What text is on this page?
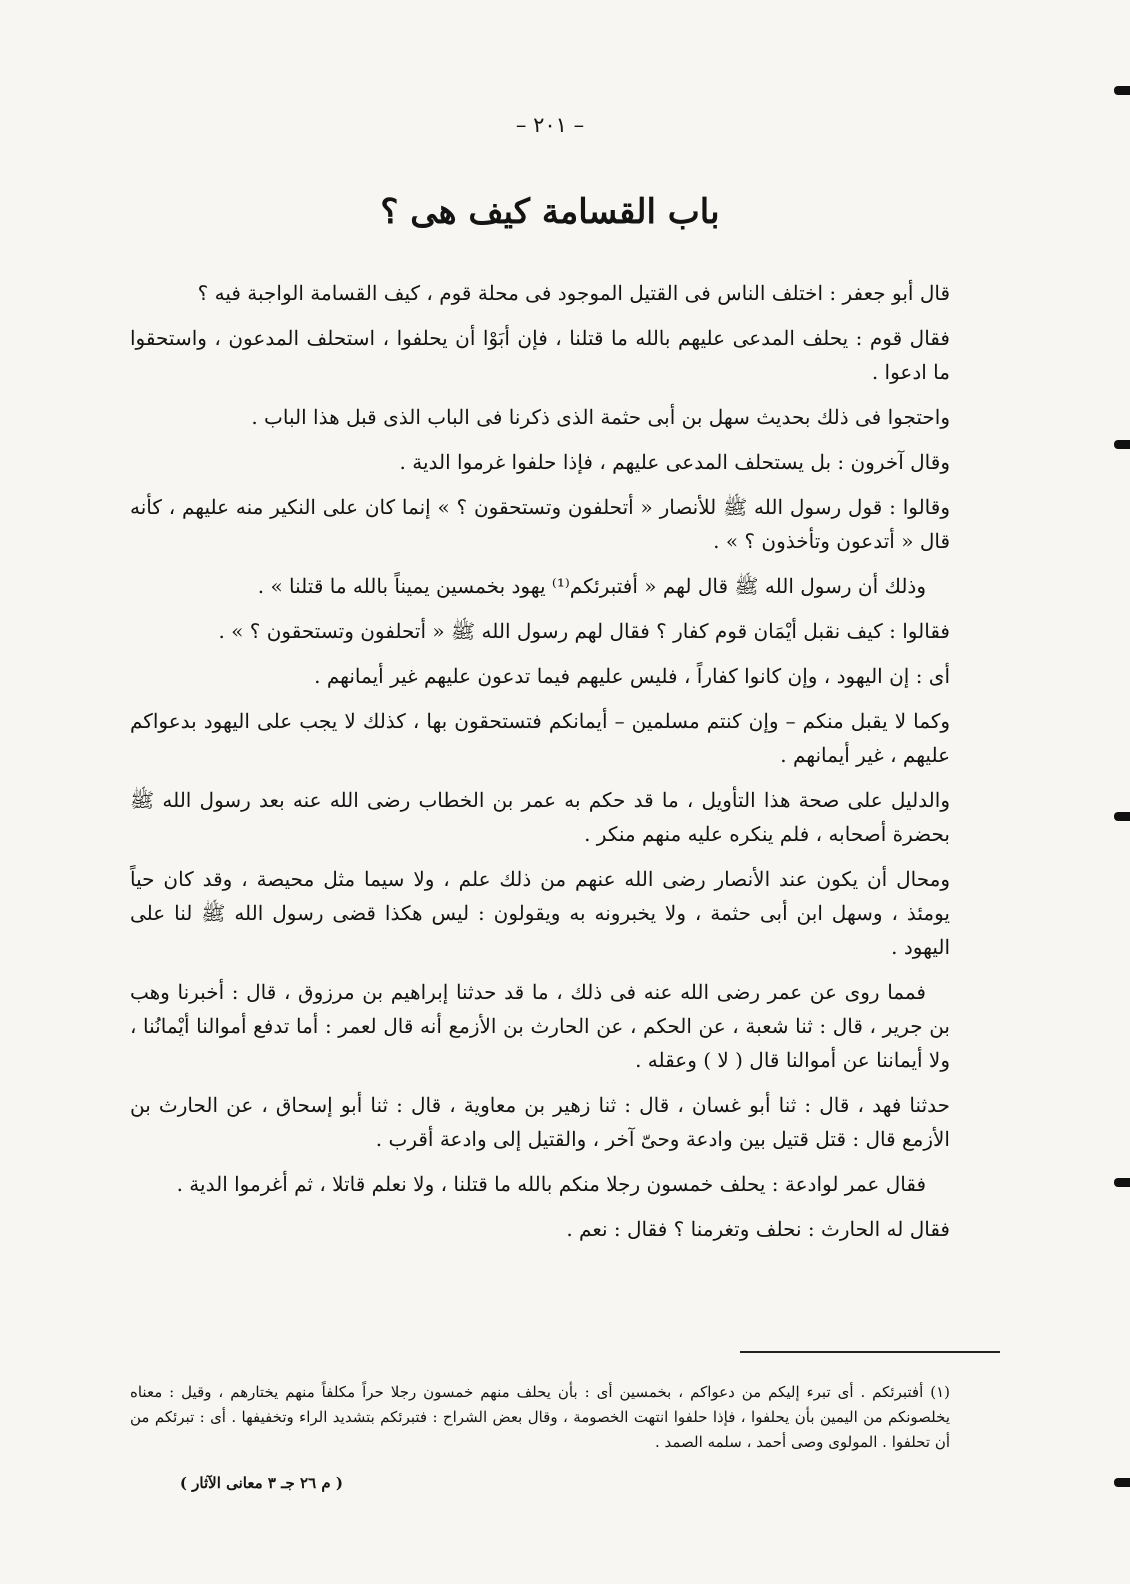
– ٢٠١ –
باب القسامة كيف هى ؟

قال أبو جعفر : اختلف الناس فى القتيل الموجود فى محلة قوم ، كيف القسامة الواجبة فيه ؟

فقال قوم : يحلف المدعى عليهم بالله ما قتلنا ، فإن أبَوْا أن يحلفوا ، استحلف المدعون ، واستحقوا ما ادعوا .

واحتجوا فى ذلك بحديث سهل بن أبى حثمة الذى ذكرنا فى الباب الذى قبل هذا الباب .

وقال آخرون : بل يستحلف المدعى عليهم ، فإذا حلفوا غرموا الدية .

وقالوا : قول رسول الله ﷺ للأنصار « أتحلفون وتستحقون ؟ » إنما كان على النكير منه عليهم ، كأنه قال « أتدعون وتأخذون ؟ » .

وذلك أن رسول الله ﷺ قال لهم « أفتبرئكم⁽¹⁾ يهود بخمسين يميناً بالله ما قتلنا » .

فقالوا : كيف نقبل أيْمَان قوم كفار ؟ فقال لهم رسول الله ﷺ « أتحلفون وتستحقون ؟ » .

أى : إن اليهود ، وإن كانوا كفاراً ، فليس عليهم فيما تدعون عليهم غير أيمانهم .

وكما لا يقبل منكم – وإن كنتم مسلمين – أيمانكم فتستحقون بها ، كذلك لا يجب على اليهود بدعواكم عليهم ، غير أيمانهم .

والدليل على صحة هذا التأويل ، ما قد حكم به عمر بن الخطاب رضى الله عنه بعد رسول الله ﷺ بحضرة أصحابه ، فلم ينكره عليه منهم منكر .

ومحال أن يكون عند الأنصار رضى الله عنهم من ذلك علم ، ولا سيما مثل محيصة ، وقد كان حياً يومئذ ، وسهل ابن أبى حثمة ، ولا يخبرونه به ويقولون : ليس هكذا قضى رسول الله ﷺ لنا على اليهود .

فمما روى عن عمر رضى الله عنه فى ذلك ، ما قد حدثنا إبراهيم بن مرزوق ، قال : أخبرنا وهب بن جرير ، قال : ثنا شعبة ، عن الحكم ، عن الحارث بن الأزمع أنه قال لعمر : أما تدفع أموالنا أيْمانُنا ، ولا أيماننا عن أموالنا قال ( لا ) وعقله .

حدثنا فهد ، قال : ثنا أبو غسان ، قال : ثنا زهير بن معاوية ، قال : ثنا أبو إسحاق ، عن الحارث بن الأزمع قال : قتل قتيل بين وادعة وحىّ آخر ، والقتيل إلى وادعة أقرب .

فقال عمر لوادعة : يحلف خمسون رجلا منكم بالله ما قتلنا ، ولا نعلم قاتلا ، ثم أغرموا الدية .

فقال له الحارث : نحلف وتغرمنا ؟ فقال : نعم .

(١) أفتبرئكم . أى تبرء إليكم من دعواكم ، بخمسين أى : بأن يحلف منهم خمسون رجلا حراً مكلفاً منهم يختارهم ، وقيل : معناه يخلصونكم من اليمين بأن يحلفوا ، فإذا حلفوا انتهت الخصومة ، وقال بعض الشراح : فتبرئكم بتشديد الراء وتخفيفها . أى : تبرئكم من أن تحلفوا . المولوى وصى أحمد ، سلمه الصمد .

( م ٢٦ جـ ٣ معانى الآثار )
